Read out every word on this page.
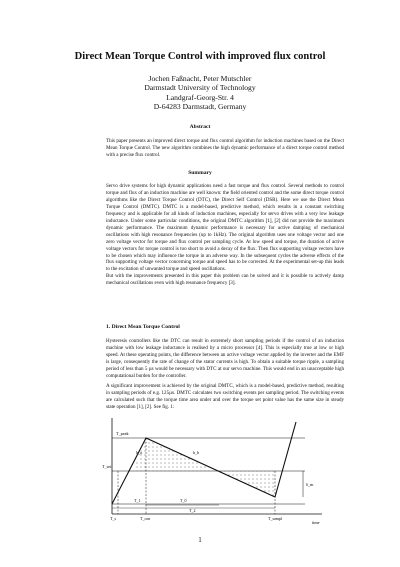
Direct Mean Torque Control with improved flux control
Jochen Faßnacht, Peter Mutschler
Darmstadt University of Technology
Landgraf-Georg-Str. 4
D-64283 Darmstadt, Germany
Abstract

This paper presents an improved direct torque and flux control algorithm for induction machines based on the Direct Mean Torque Control. The new algorithm combines the high dynamic performance of a direct torque control method with a precise flux control.

Summary

Servo drive systems for high dynamic applications need a fast torque and flux control. Several methods to control torque and flux of an induction machine are well known: the field oriented control and the some direct torque control algorithms like the Direct Torque Control (DTC), the Direct Self Control (DSR). Here we use the Direct Mean Torque Control (DMTC). DMTC is a model-based, predictive method, which results in a constant switching frequency and is applicable for all kinds of induction machines, especially for servo drives with a very low leakage inductance. Under some particular conditions, the original DMTC algorithm [1], [2] did not provide the maximum dynamic performance. The maximum dynamic performance is necessary for active damping of mechanical oscillations with high resonance frequencies (up to 1kHz). The original algorithm uses one voltage vector and one zero voltage vector for torque and flux control per sampling cycle. At low speed and torque, the duration of active voltage vectors for torque control is too short to avoid a decay of the flux. Then flux supporting voltage vectors have to be chosen which may influence the torque in an adverse way. In the subsequent cycles the adverse effects of the flux supporting voltage vector concerning torque and speed has to be corrected. At the experimental set-up this leads to the excitation of unwanted torque and speed oscillations.
But with the improvements presented in this paper this problem can be solved and it is possible to actively damp mechanical oscillations even with high resonance frequency [3].

1. Direct Mean Torque Control

Hysteresis controllers like the DTC can result in extremely short sampling periods if the control of an induction machine with low leakage inductance is realised by a micro processor [4]. This is especially true at low or high speed. At these operating points, the difference between an active voltage vector applied by the inverter and the EMF is large, consequently the rate of change of the stator currents is high. To obtain a suitable torque ripple, a sampling period of less than 5 µs would be necessary with DTC at our servo machine. This would end in an unacceptable high computational burden for the controller.

A significant improvement is achieved by the original DMTC, which is a model-based, predictive method, resulting in sampling periods of e.g. 125µs. DMTC calculates two switching events per sampling period. The switching events are calculated such that the torque time area under and over the torque set point value has the same size in steady state operation [1], [2]. See fig. 1:

T_peak
T_set
h_a	h_b
δ_m
T_1	T_0
T_s	T_con
T_2
T_sampl
time
1
